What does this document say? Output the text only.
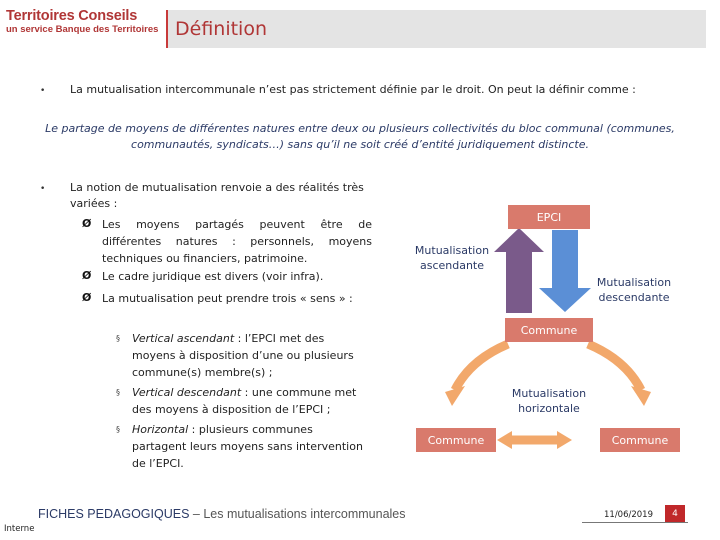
Territoires Conseils
un service Banque des Territoires Définition
• La mutualisation intercommunale n’est pas strictement définie par le droit. On peut la définir comme :
Le partage de moyens de différentes natures entre deux ou plusieurs collectivités du bloc communal (communes, communautés, syndicats…) sans qu’il ne soit créé d’entité juridiquement distincte.
• La notion de mutualisation renvoie a des réalités très
variées :
Ø Les moyens partagés peuvent être de
différentes natures : personnels, moyens
techniques ou financiers, patrimoine.
Ø Le cadre juridique est divers (voir infra).
Ø La mutualisation peut prendre trois « sens » :
§ Vertical ascendant : l’EPCI met des
moyens à disposition d’une ou plusieurs
commune(s) membre(s) ;
§ Vertical descendant : une commune met
des moyens à disposition de l’EPCI ;
§ Horizontal : plusieurs communes
partagent leurs moyens sans intervention
de l’EPCI.
EPCI
Commune
Commune	Commune
Mutualisation
ascendante
Mutualisation
descendante
Mutualisation
horizontale
FICHES PEDAGOGIQUES – Les mutualisations intercommunales	11/06/2019	4
Interne
